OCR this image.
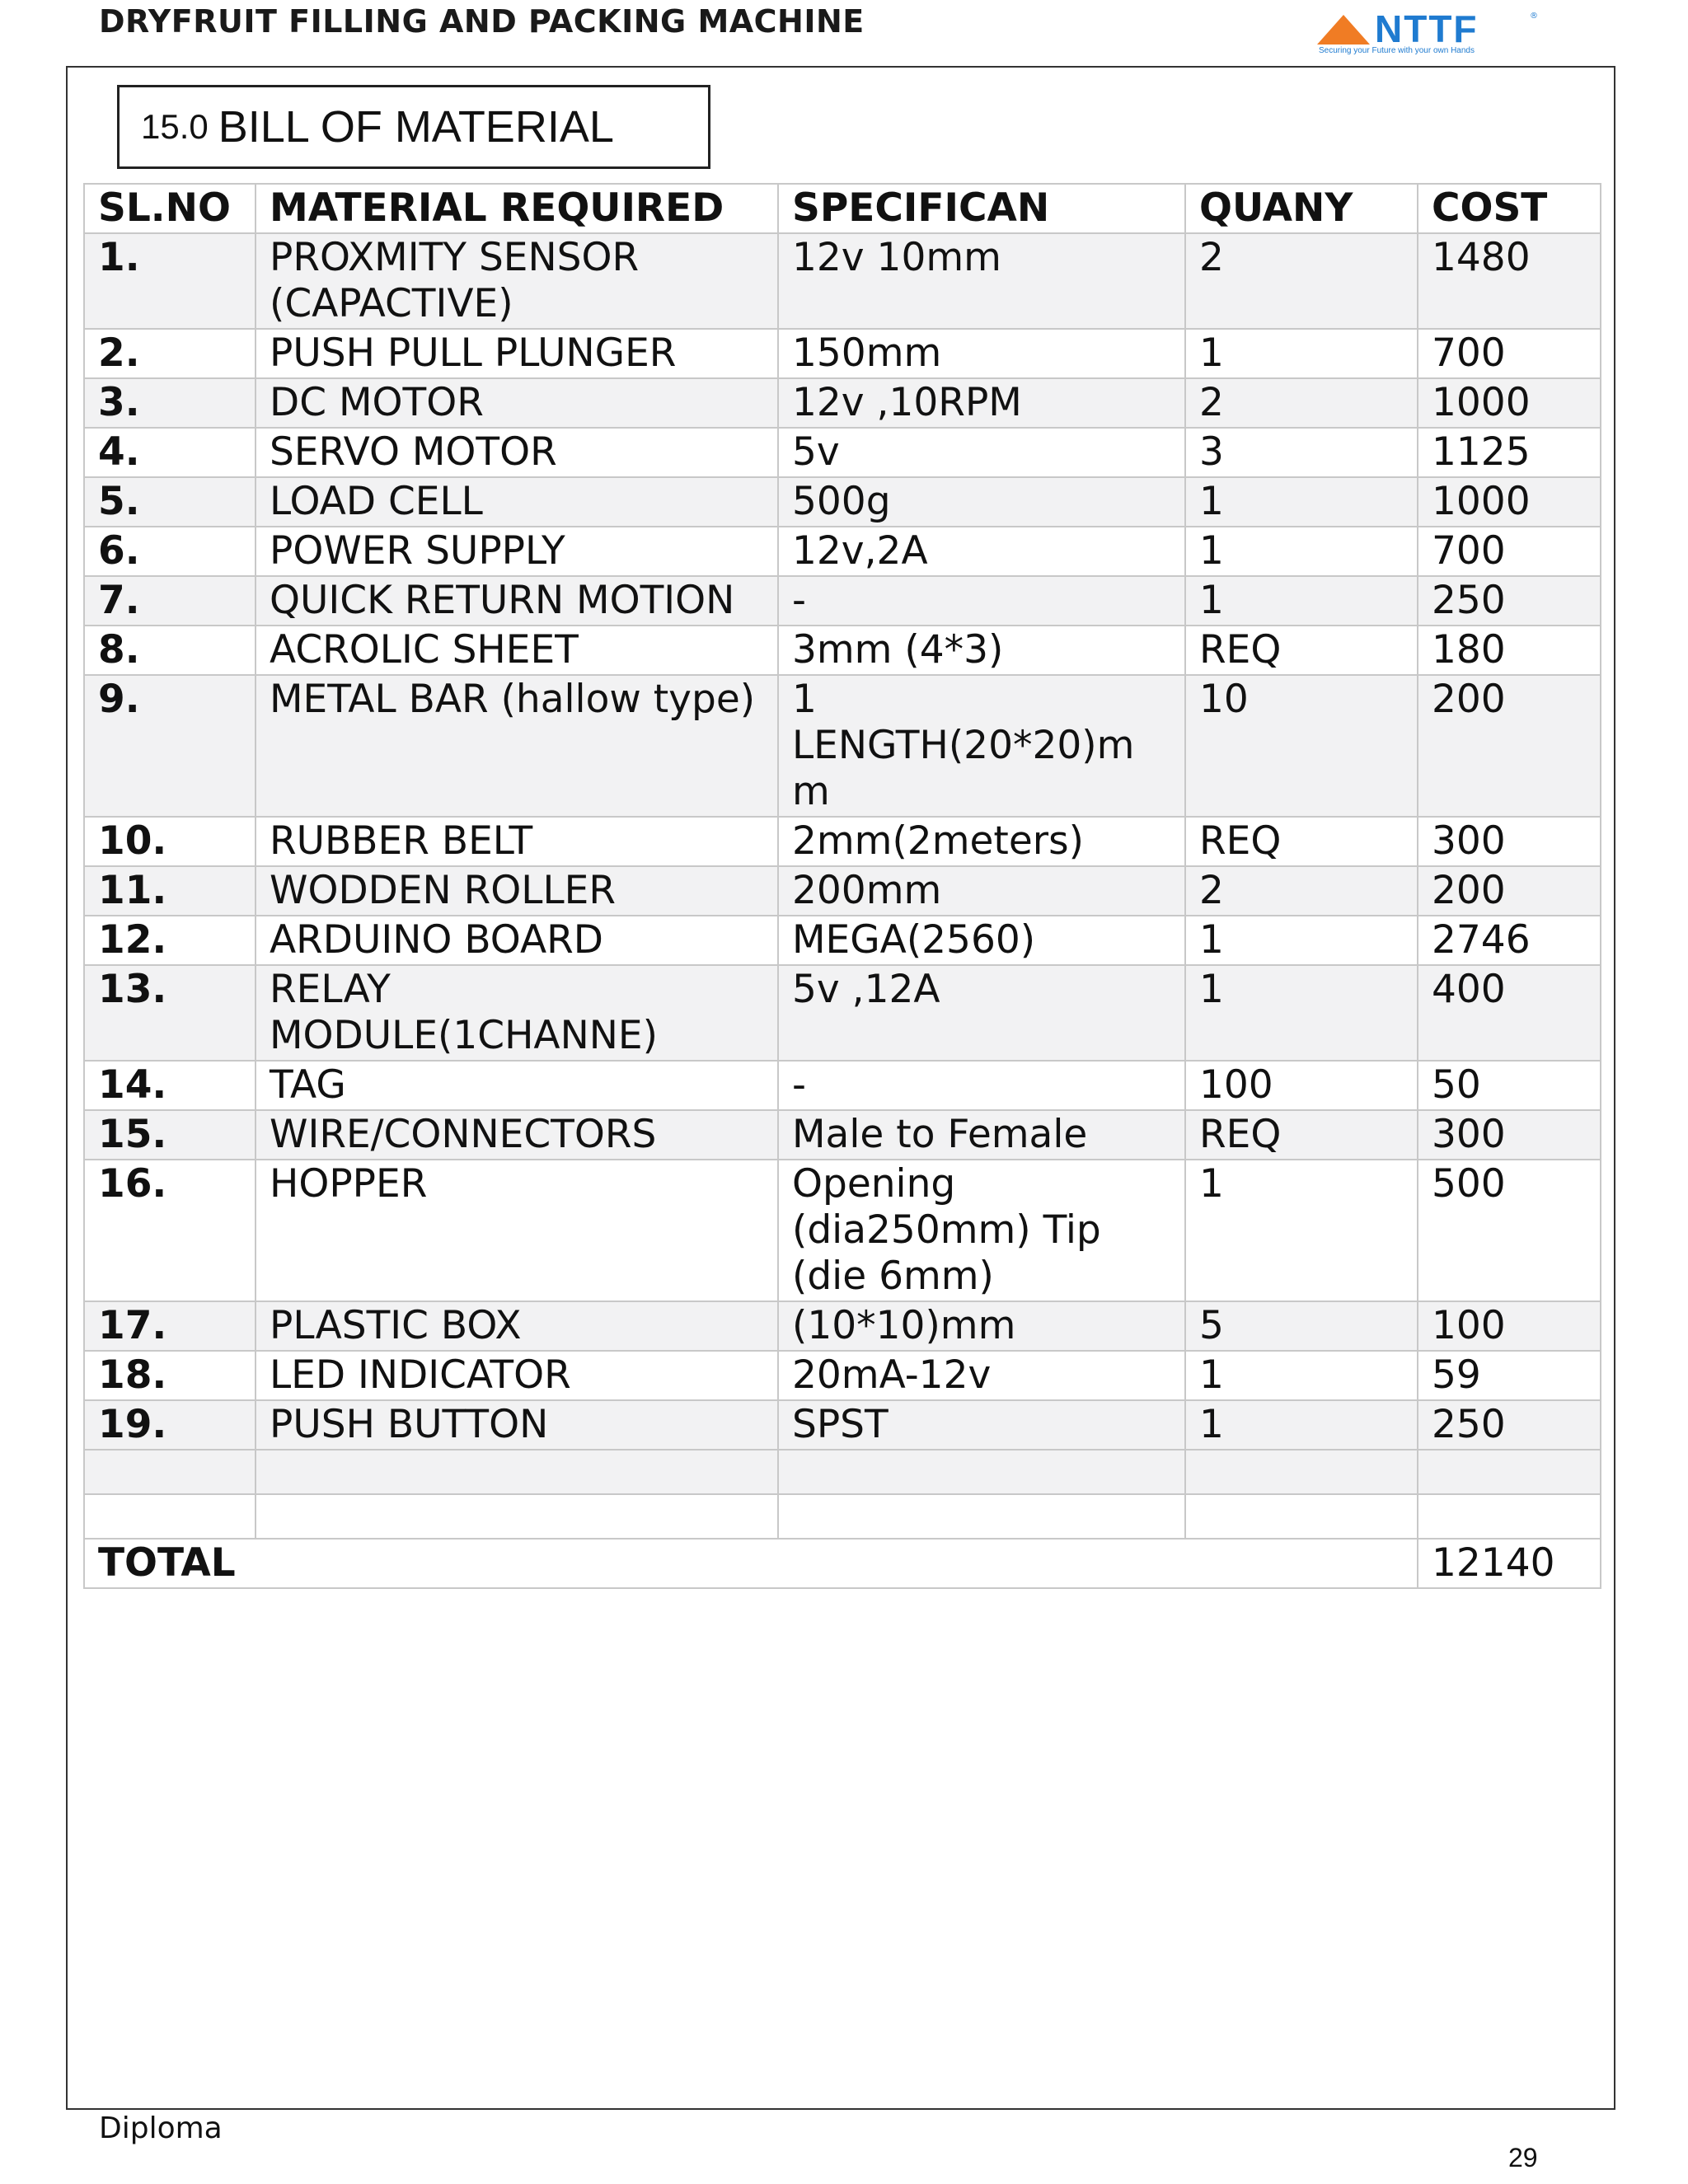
DRYFRUIT FILLING AND PACKING MACHINE	NTTF	®
Securing your Future with your own Hands
15.0 BILL OF MATERIAL
SL.NO	MATERIAL REQUIRED	SPECIFICAN	QUANY	COST
1.	PROXMITY SENSOR (CAPACTIVE)	12v 10mm	2	1480
2.	PUSH PULL PLUNGER	150mm	1	700
3.	DC MOTOR	12v ,10RPM	2	1000
4.	SERVO MOTOR	5v	3	1125
5.	LOAD CELL	500g	1	1000
6.	POWER SUPPLY	12v,2A	1	700
7.	QUICK RETURN MOTION	-	1	250
8.	ACROLIC SHEET	3mm (4*3)	REQ	180
9.	METAL BAR (hallow type)	1 LENGTH(20*20)mm	10	200
10.	RUBBER BELT	2mm(2meters)	REQ	300
11.	WODDEN ROLLER	200mm	2	200
12.	ARDUINO BOARD	MEGA(2560)	1	2746
13.	RELAY MODULE(1CHANNE)	5v ,12A	1	400
14.	TAG	-	100	50
15.	WIRE/CONNECTORS	Male to Female	REQ	300
16.	HOPPER	Opening (dia250mm) Tip (die 6mm)	1	500
17.	PLASTIC BOX	(10*10)mm	5	100
18.	LED INDICATOR	20mA-12v	1	59
19.	PUSH BUTTON	SPST	1	250

TOTAL				12140
Diploma
29
